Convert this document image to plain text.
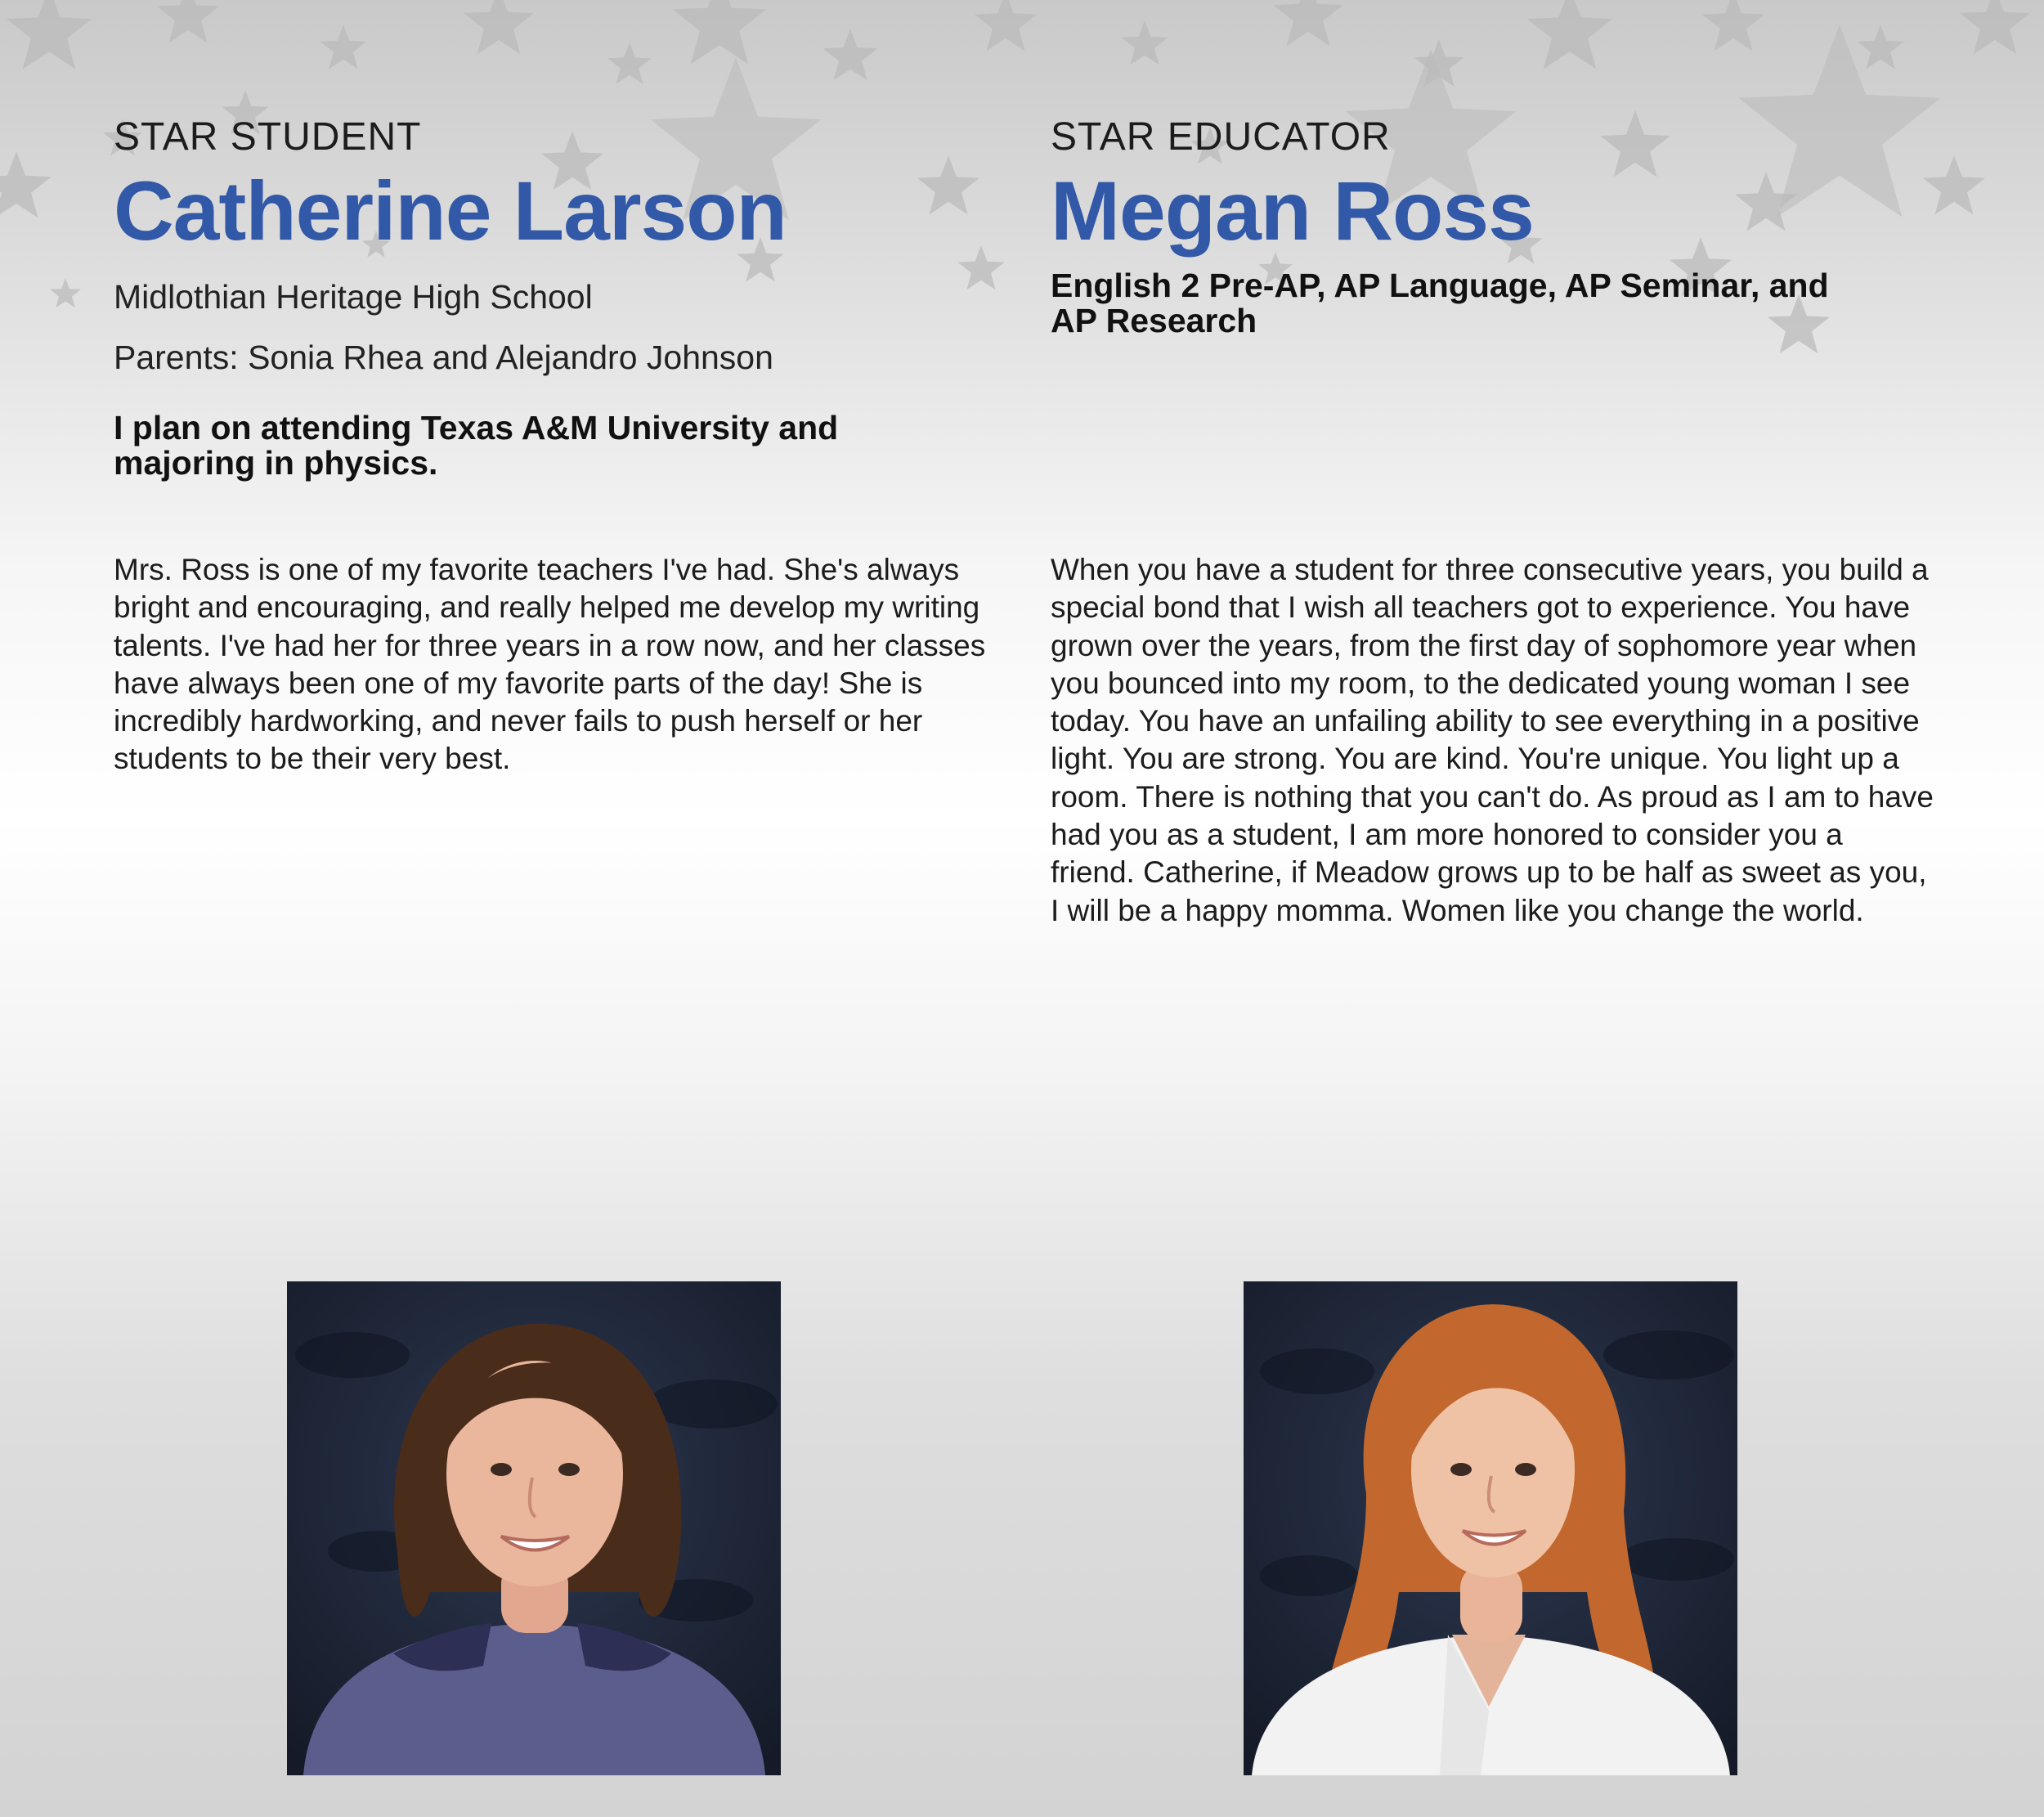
STAR STUDENT
Catherine Larson
Midlothian Heritage High School
Parents: Sonia Rhea and Alejandro Johnson
I plan on attending Texas A&M University and majoring in physics.

Mrs. Ross is one of my favorite teachers I've had. She's always bright and encouraging, and really helped me develop my writing talents. I've had her for three years in a row now, and her classes have always been one of my favorite parts of the day! She is incredibly hardworking, and never fails to push herself or her students to be their very best.

STAR EDUCATOR
Megan Ross
English 2 Pre-AP, AP Language, AP Seminar, and AP Research

When you have a student for three consecutive years, you build a special bond that I wish all teachers got to experience. You have grown over the years, from the first day of sophomore year when you bounced into my room, to the dedicated young woman I see today. You have an unfailing ability to see everything in a positive light. You are strong. You are kind. You're unique. You light up a room. There is nothing that you can't do. As proud as I am to have had you as a student, I am more honored to consider you a friend. Catherine, if Meadow grows up to be half as sweet as you, I will be a happy momma. Women like you change the world.
